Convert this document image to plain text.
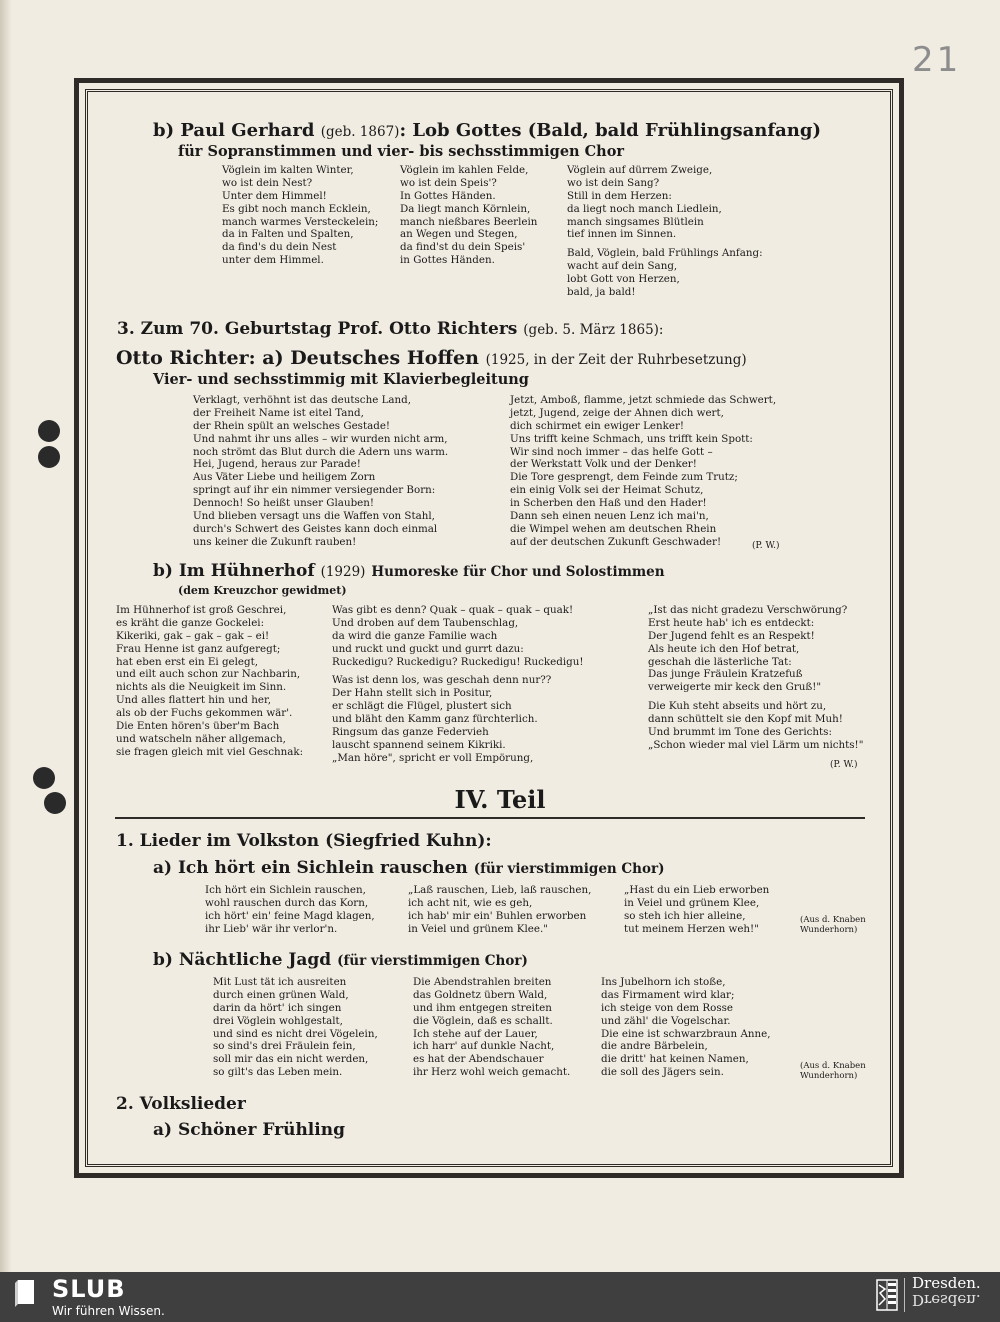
21
b) Paul Gerhard (geb. 1867): Lob Gottes (Bald, bald Frühlingsanfang)
für Sopranstimmen und vier- bis sechsstimmigen Chor
Vöglein im kalten Winter,
wo ist dein Nest?
Unter dem Himmel!
Es gibt noch manch Ecklein,
manch warmes Versteckelein;
da in Falten und Spalten,
da find's du dein Nest
unter dem Himmel.
Vöglein im kahlen Felde,
wo ist dein Speis'?
In Gottes Händen.
Da liegt manch Körnlein,
manch nießbares Beerlein
an Wegen und Stegen,
da find'st du dein Speis'
in Gottes Händen.
Vöglein auf dürrem Zweige,
wo ist dein Sang?
Still in dem Herzen:
da liegt noch manch Liedlein,
manch singsames Blütlein
tief innen im Sinnen.
Bald, Vöglein, bald Frühlings Anfang:
wacht auf dein Sang,
lobt Gott von Herzen,
bald, ja bald!
3. Zum 70. Geburtstag Prof. Otto Richters (geb. 5. März 1865):
Otto Richter: a) Deutsches Hoffen (1925, in der Zeit der Ruhrbesetzung)
Vier- und sechsstimmig mit Klavierbegleitung
Verklagt, verhöhnt ist das deutsche Land,
der Freiheit Name ist eitel Tand,
der Rhein spült an welsches Gestade!
Und nahmt ihr uns alles – wir wurden nicht arm,
noch strömt das Blut durch die Adern uns warm.
Hei, Jugend, heraus zur Parade!
Aus Väter Liebe und heiligem Zorn
springt auf ihr ein nimmer versiegender Born:
Dennoch! So heißt unser Glauben!
Und blieben versagt uns die Waffen von Stahl,
durch's Schwert des Geistes kann doch einmal
uns keiner die Zukunft rauben!
Jetzt, Amboß, flamme, jetzt schmiede das Schwert,
jetzt, Jugend, zeige der Ahnen dich wert,
dich schirmet ein ewiger Lenker!
Uns trifft keine Schmach, uns trifft kein Spott:
Wir sind noch immer – das helfe Gott –
der Werkstatt Volk und der Denker!
Die Tore gesprengt, dem Feinde zum Trutz;
ein einig Volk sei der Heimat Schutz,
in Scherben den Haß und den Hader!
Dann seh einen neuen Lenz ich mai'n,
die Wimpel wehen am deutschen Rhein
auf der deutschen Zukunft Geschwader!	(P. W.)
b) Im Hühnerhof (1929) Humoreske für Chor und Solostimmen
(dem Kreuzchor gewidmet)
Im Hühnerhof ist groß Geschrei,
es kräht die ganze Gockelei:
Kikeriki, gak – gak – gak – ei!
Frau Henne ist ganz aufgeregt;
hat eben erst ein Ei gelegt,
und eilt auch schon zur Nachbarin,
nichts als die Neuigkeit im Sinn.
Und alles flattert hin und her,
als ob der Fuchs gekommen wär'.
Die Enten hören's über'm Bach
und watscheln näher allgemach,
sie fragen gleich mit viel Geschnak:
Was gibt es denn? Quak – quak – quak – quak!
Und droben auf dem Taubenschlag,
da wird die ganze Familie wach
und ruckt und guckt und gurrt dazu:
Ruckedigu? Ruckedigu? Ruckedigu! Ruckedigu!
Was ist denn los, was geschah denn nur??
Der Hahn stellt sich in Positur,
er schlägt die Flügel, plustert sich
und bläht den Kamm ganz fürchterlich.
Ringsum das ganze Federvieh
lauscht spannend seinem Kikriki.
„Man höre", spricht er voll Empörung,
„Ist das nicht gradezu Verschwörung?
Erst heute hab' ich es entdeckt:
Der Jugend fehlt es an Respekt!
Als heute ich den Hof betrat,
geschah die lästerliche Tat:
Das junge Fräulein Kratzefuß
verweigerte mir keck den Gruß!"
Die Kuh steht abseits und hört zu,
dann schüttelt sie den Kopf mit Muh!
Und brummt im Tone des Gerichts:
„Schon wieder mal viel Lärm um nichts!"
(P. W.)
IV. Teil
1. Lieder im Volkston (Siegfried Kuhn):
a) Ich hört ein Sichlein rauschen (für vierstimmigen Chor)
Ich hört ein Sichlein rauschen,
wohl rauschen durch das Korn,
ich hört' ein' feine Magd klagen,
ihr Lieb' wär ihr verlor'n.
„Laß rauschen, Lieb, laß rauschen,
ich acht nit, wie es geh,
ich hab' mir ein' Buhlen erworben
in Veiel und grünem Klee."
„Hast du ein Lieb erworben
in Veiel und grünem Klee,
so steh ich hier alleine,
tut meinem Herzen weh!"
(Aus d. Knaben
Wunderhorn)
b) Nächtliche Jagd (für vierstimmigen Chor)
Mit Lust tät ich ausreiten
durch einen grünen Wald,
darin da hört' ich singen
drei Vöglein wohlgestalt,
und sind es nicht drei Vögelein,
so sind's drei Fräulein fein,
soll mir das ein nicht werden,
so gilt's das Leben mein.
Die Abendstrahlen breiten
das Goldnetz übern Wald,
und ihm entgegen streiten
die Vöglein, daß es schallt.
Ich stehe auf der Lauer,
ich harr' auf dunkle Nacht,
es hat der Abendschauer
ihr Herz wohl weich gemacht.
Ins Jubelhorn ich stoße,
das Firmament wird klar;
ich steige von dem Rosse
und zähl' die Vogelschar.
Die eine ist schwarzbraun Anne,
die andre Bärbelein,
die dritt' hat keinen Namen,
die soll des Jägers sein.
(Aus d. Knaben
Wunderhorn)
2. Volkslieder
a) Schöner Frühling
SLUB
Wir führen Wissen.
Dresden.
Dresden.
